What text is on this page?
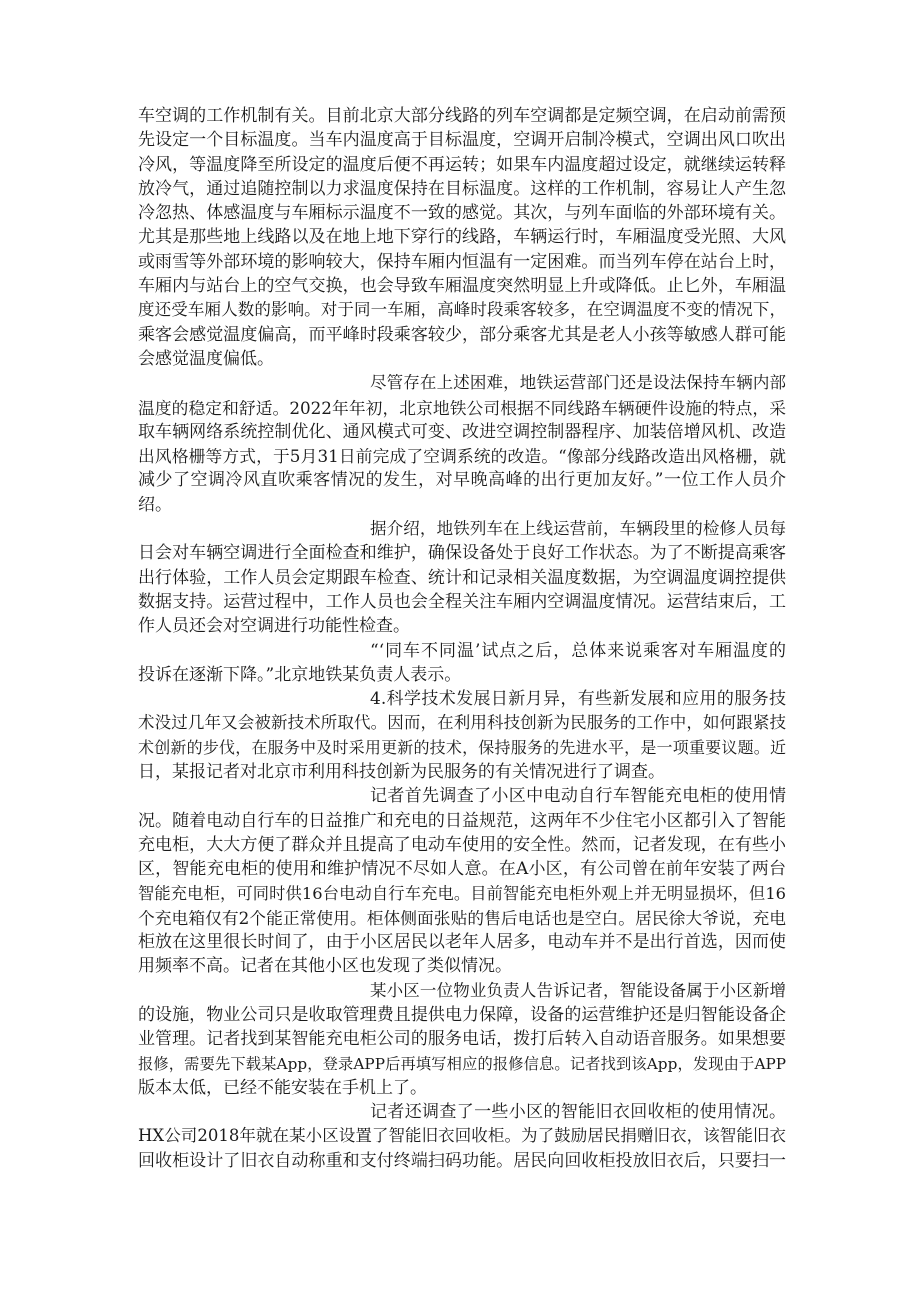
车空调的工作机制有关。目前北京大部分线路的列车空调都是定频空调，在启动前需预
先设定一个目标温度。当车内温度高于目标温度，空调开启制冷模式，空调出风口吹出
冷风，等温度降至所设定的温度后便不再运转；如果车内温度超过设定，就继续运转释
放冷气，通过追随控制以力求温度保持在目标温度。这样的工作机制，容易让人产生忽
冷忽热、体感温度与车厢标示温度不一致的感觉。其次，与列车面临的外部环境有关。
尤其是那些地上线路以及在地上地下穿行的线路，车辆运行时，车厢温度受光照、大风
或雨雪等外部环境的影响较大，保持车厢内恒温有一定困难。而当列车停在站台上时，
车厢内与站台上的空气交换，也会导致车厢温度突然明显上升或降低。止匕外，车厢温
度还受车厢人数的影响。对于同一车厢，高峰时段乘客较多，在空调温度不变的情况下，
乘客会感觉温度偏高，而平峰时段乘客较少，部分乘客尤其是老人小孩等敏感人群可能
会感觉温度偏低。
尽管存在上述困难，地铁运营部门还是设法保持车辆内部
温度的稳定和舒适。2022年年初，北京地铁公司根据不同线路车辆硬件设施的特点，采
取车辆网络系统控制优化、通风模式可变、改进空调控制器程序、加装倍增风机、改造
出风格栅等方式，于5月31日前完成了空调系统的改造。“像部分线路改造出风格栅，就
减少了空调冷风直吹乘客情况的发生，对早晚高峰的出行更加友好。”一位工作人员介
绍。
据介绍，地铁列车在上线运营前，车辆段里的检修人员每
日会对车辆空调进行全面检查和维护，确保设备处于良好工作状态。为了不断提高乘客
出行体验，工作人员会定期跟车检查、统计和记录相关温度数据，为空调温度调控提供
数据支持。运营过程中，工作人员也会全程关注车厢内空调温度情况。运营结束后，工
作人员还会对空调进行功能性检查。
“‘同车不同温’试点之后，总体来说乘客对车厢温度的
投诉在逐渐下降。”北京地铁某负责人表示。
4.科学技术发展日新月异，有些新发展和应用的服务技
术没过几年又会被新技术所取代。因而，在利用科技创新为民服务的工作中，如何跟紧技
术创新的步伐，在服务中及时采用更新的技术，保持服务的先进水平，是一项重要议题。近
日，某报记者对北京市利用科技创新为民服务的有关情况进行了调查。
记者首先调查了小区中电动自行车智能充电柜的使用情
况。随着电动自行车的日益推广和充电的日益规范，这两年不少住宅小区都引入了智能
充电柜，大大方便了群众并且提高了电动车使用的安全性。然而，记者发现，在有些小
区，智能充电柜的使用和维护情况不尽如人意。在A小区，有公司曾在前年安装了两台
智能充电柜，可同时供16台电动自行车充电。目前智能充电柜外观上并无明显损坏，但16
个充电箱仅有2个能正常使用。柜体侧面张贴的售后电话也是空白。居民徐大爷说，充电
柜放在这里很长时间了，由于小区居民以老年人居多，电动车并不是出行首选，因而使
用频率不高。记者在其他小区也发现了类似情况。
某小区一位物业负责人告诉记者，智能设备属于小区新增
的设施，物业公司只是收取管理费且提供电力保障，设备的运营维护还是归智能设备企
业管理。记者找到某智能充电柜公司的服务电话，拨打后转入自动语音服务。如果想要
报修，需要先下载某App，登录APP后再填写相应的报修信息。记者找到该App，发现由于APP
版本太低，已经不能安装在手机上了。
记者还调查了一些小区的智能旧衣回收柜的使用情况。
HX公司2018年就在某小区设置了智能旧衣回收柜。为了鼓励居民捐赠旧衣，该智能旧衣
回收柜设计了旧衣自动称重和支付终端扫码功能。居民向回收柜投放旧衣后，只要扫一
